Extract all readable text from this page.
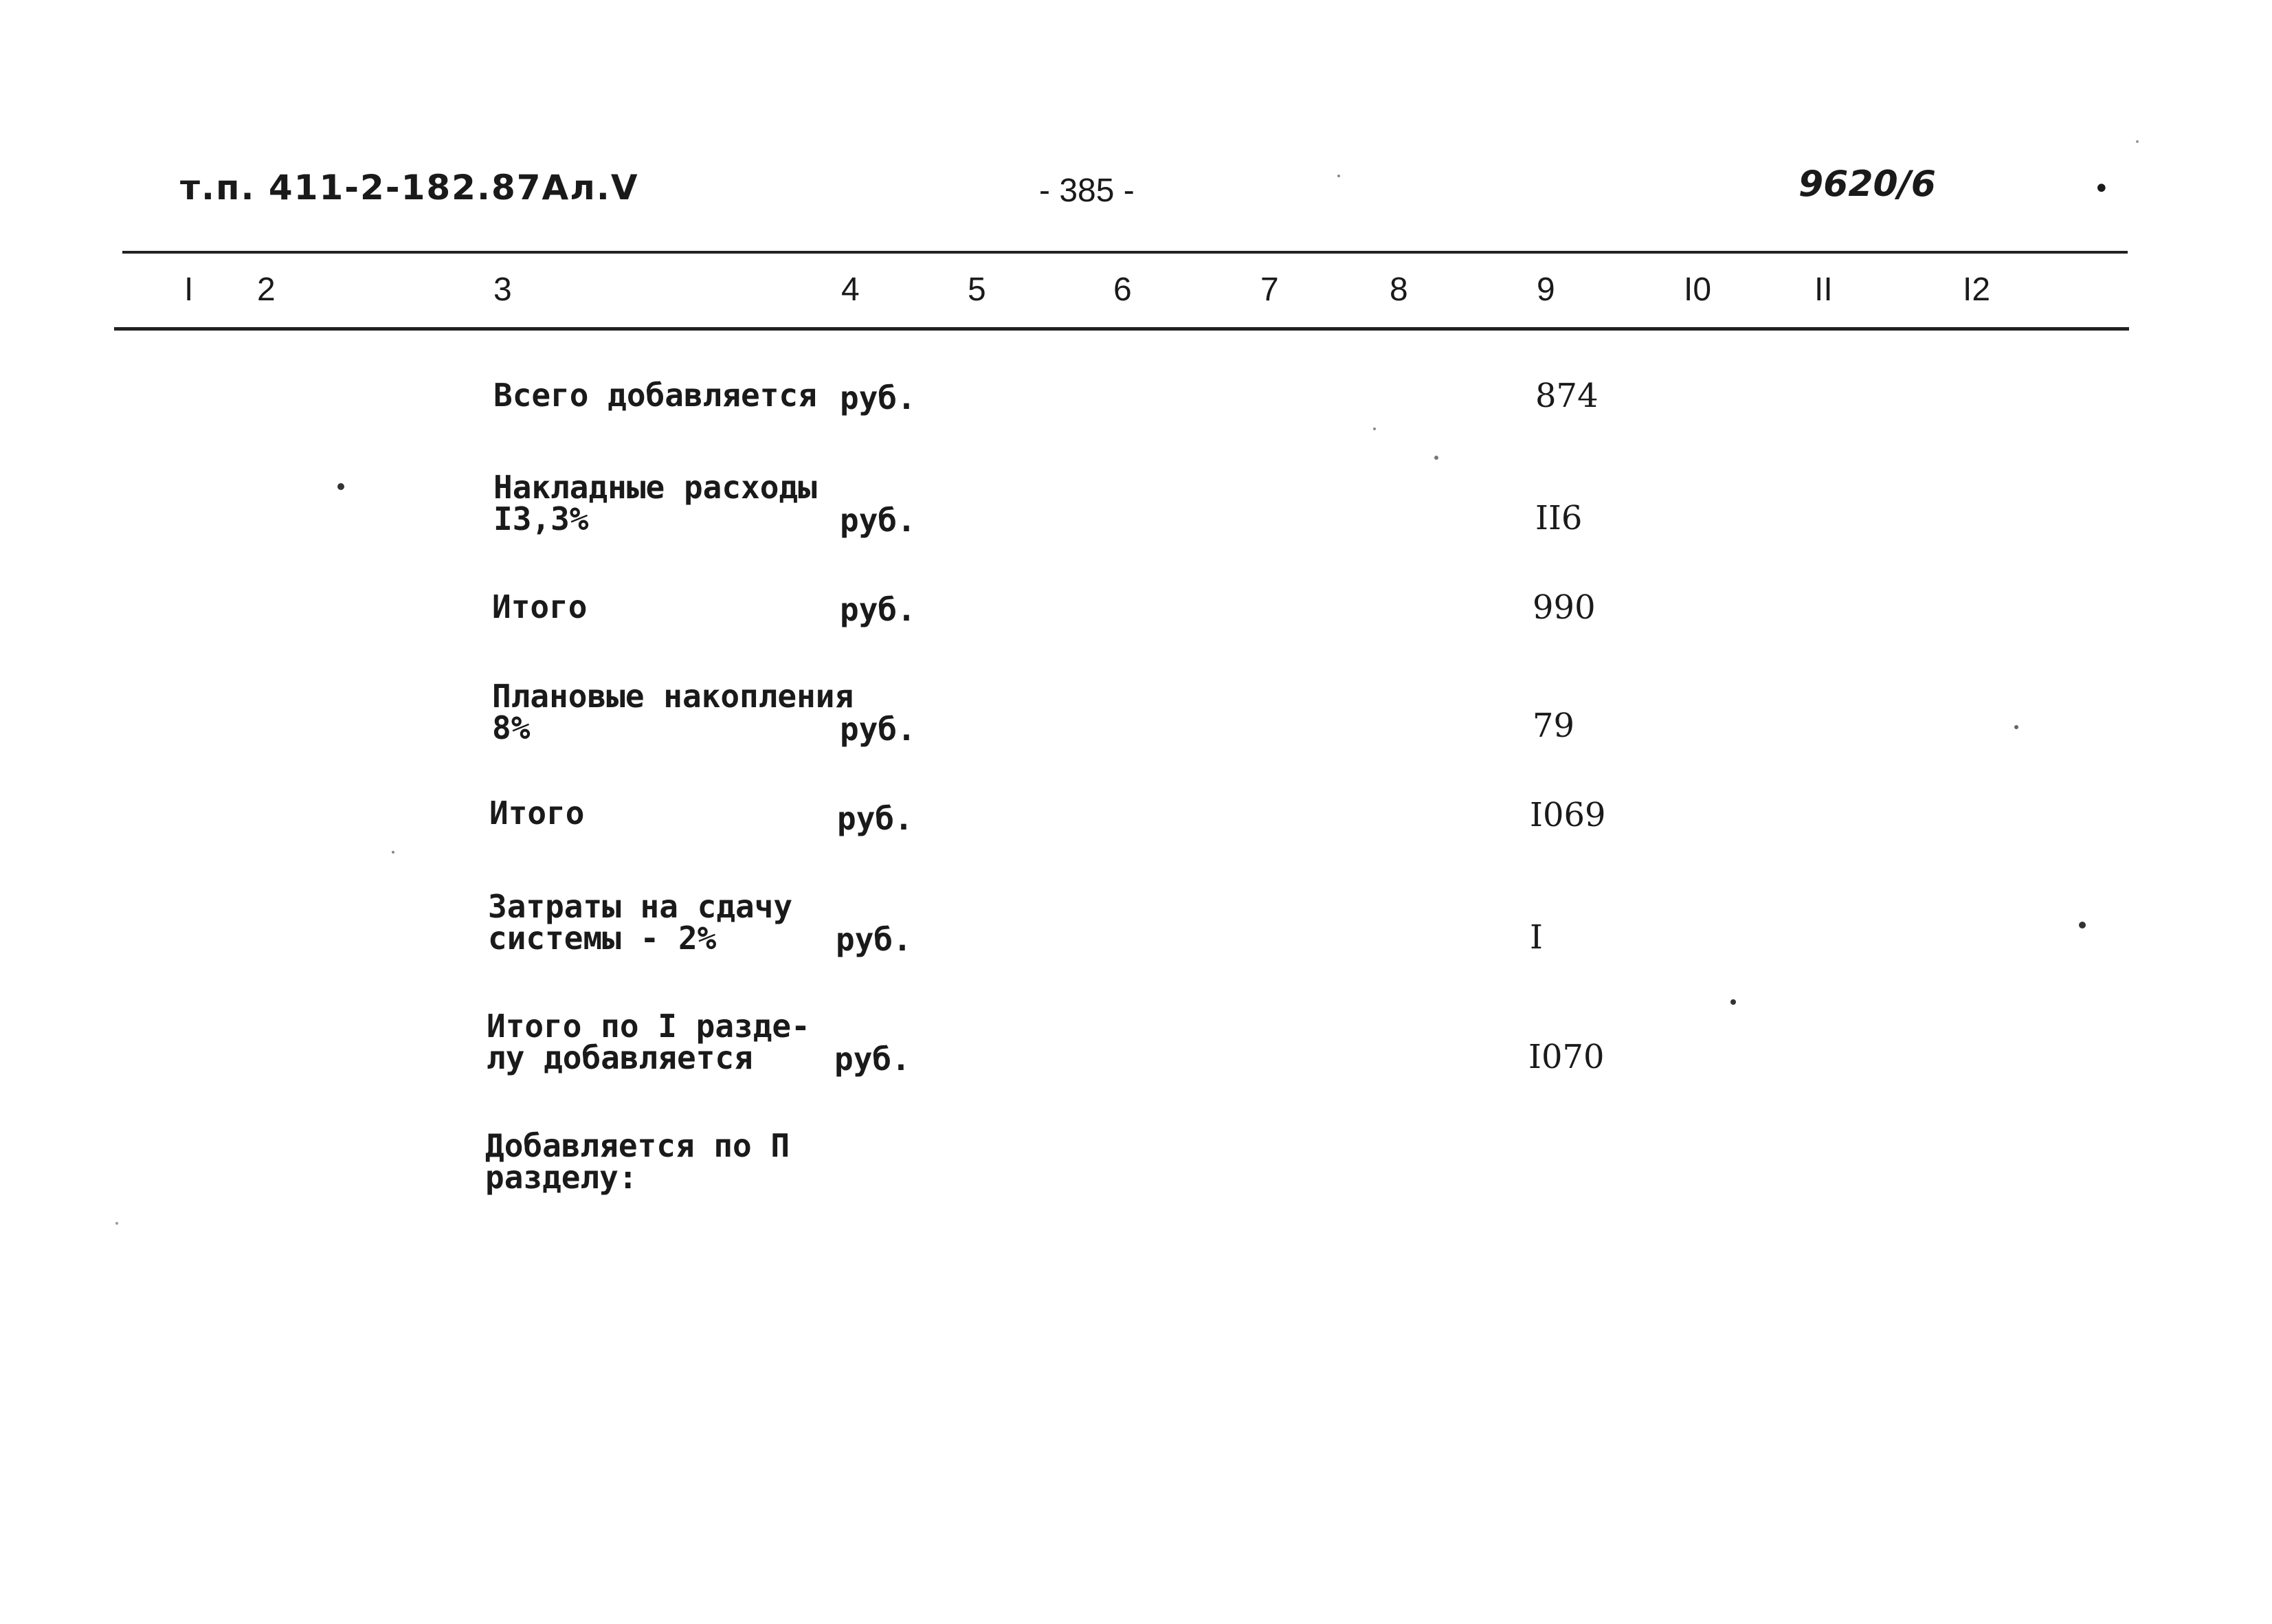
т.п. 411-2-182.87Ал.V	- 385 -	9620/6	•
I 2	3	4	5	6	7	8	9	I0	II	I2
Всего добавляется руб.	874
Накладные расходы
I3,3%	руб.	II6
Итого	руб.	990
Плановые накопления
8%	руб.	79
Итого	руб.	I069
Затраты на сдачу
системы - 2%	руб.	I
Итого по I разде-
лу добавляется	руб.	I070
Добавляется по П
разделу:
